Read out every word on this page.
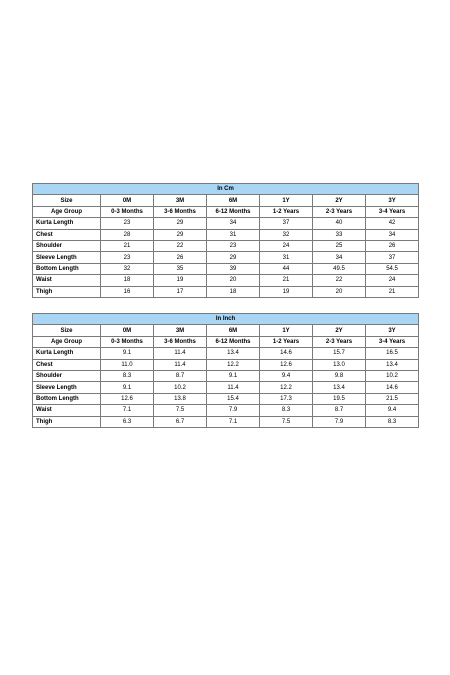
In Cm						
Size	0M	3M	6M	1Y	2Y	3Y
Age Group	0-3 Months	3-6 Months	6-12 Months	1-2 Years	2-3 Years	3-4 Years
Kurta Length	23	29	34	37	40	42
Chest	28	29	31	32	33	34
Shoulder	21	22	23	24	25	26
Sleeve Length	23	26	29	31	34	37
Bottom Length	32	35	39	44	49.5	54.5
Waist	18	19	20	21	22	24
Thigh	16	17	18	19	20	21
In Inch						
Size	0M	3M	6M	1Y	2Y	3Y
Age Group	0-3 Months	3-6 Months	6-12 Months	1-2 Years	2-3 Years	3-4 Years
Kurta Length	9.1	11.4	13.4	14.6	15.7	16.5
Chest	11.0	11.4	12.2	12.6	13.0	13.4
Shoulder	8.3	8.7	9.1	9.4	9.8	10.2
Sleeve Length	9.1	10.2	11.4	12.2	13.4	14.6
Bottom Length	12.6	13.8	15.4	17.3	19.5	21.5
Waist	7.1	7.5	7.9	8.3	8.7	9.4
Thigh	6.3	6.7	7.1	7.5	7.9	8.3
